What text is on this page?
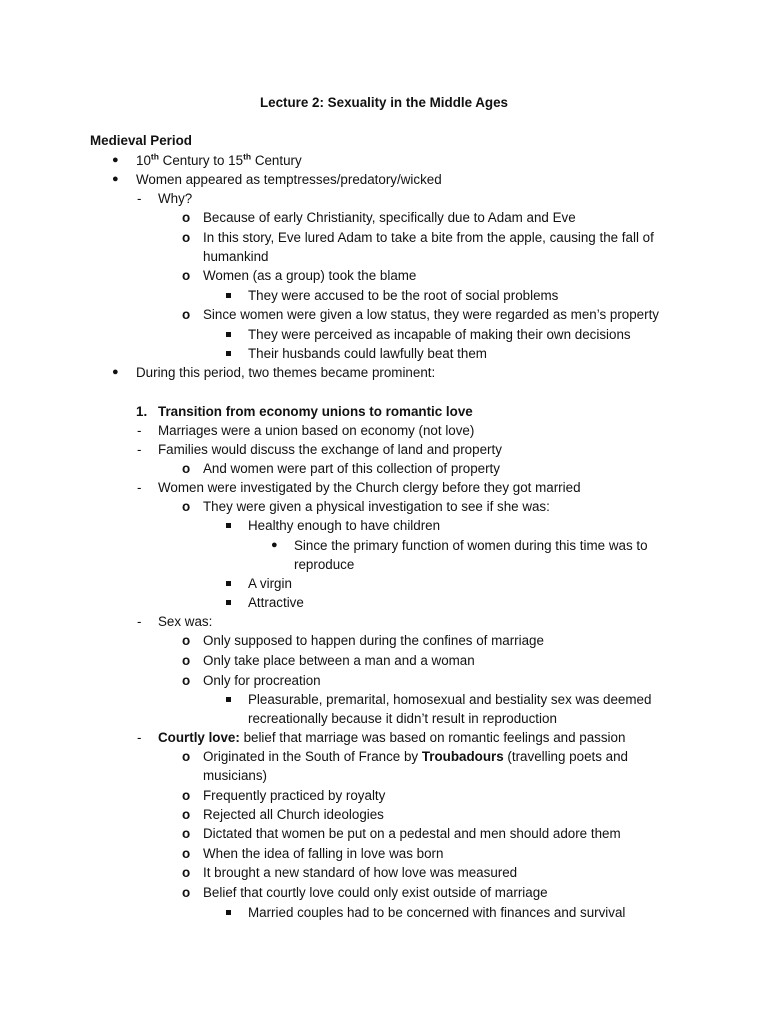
Lecture 2: Sexuality in the Middle Ages
Medieval Period
● 10th Century to 15th Century
● Women appeared as temptresses/predatory/wicked
- Why?
o Because of early Christianity, specifically due to Adam and Eve
o In this story, Eve lured Adam to take a bite from the apple, causing the fall of
humankind
o Women (as a group) took the blame
They were accused to be the root of social problems
o Since women were given a low status, they were regarded as men’s property
They were perceived as incapable of making their own decisions
Their husbands could lawfully beat them
● During this period, two themes became prominent:
1. Transition from economy unions to romantic love
- Marriages were a union based on economy (not love)
- Families would discuss the exchange of land and property
o And women were part of this collection of property
- Women were investigated by the Church clergy before they got married
o They were given a physical investigation to see if she was:
Healthy enough to have children
● Since the primary function of women during this time was to
reproduce
A virgin
Attractive
- Sex was:
o Only supposed to happen during the confines of marriage
o Only take place between a man and a woman
o Only for procreation
Pleasurable, premarital, homosexual and bestiality sex was deemed
recreationally because it didn’t result in reproduction
- Courtly love: belief that marriage was based on romantic feelings and passion
o Originated in the South of France by Troubadours (travelling poets and
musicians)
o Frequently practiced by royalty
o Rejected all Church ideologies
o Dictated that women be put on a pedestal and men should adore them
o When the idea of falling in love was born
o It brought a new standard of how love was measured
o Belief that courtly love could only exist outside of marriage
Married couples had to be concerned with finances and survival
